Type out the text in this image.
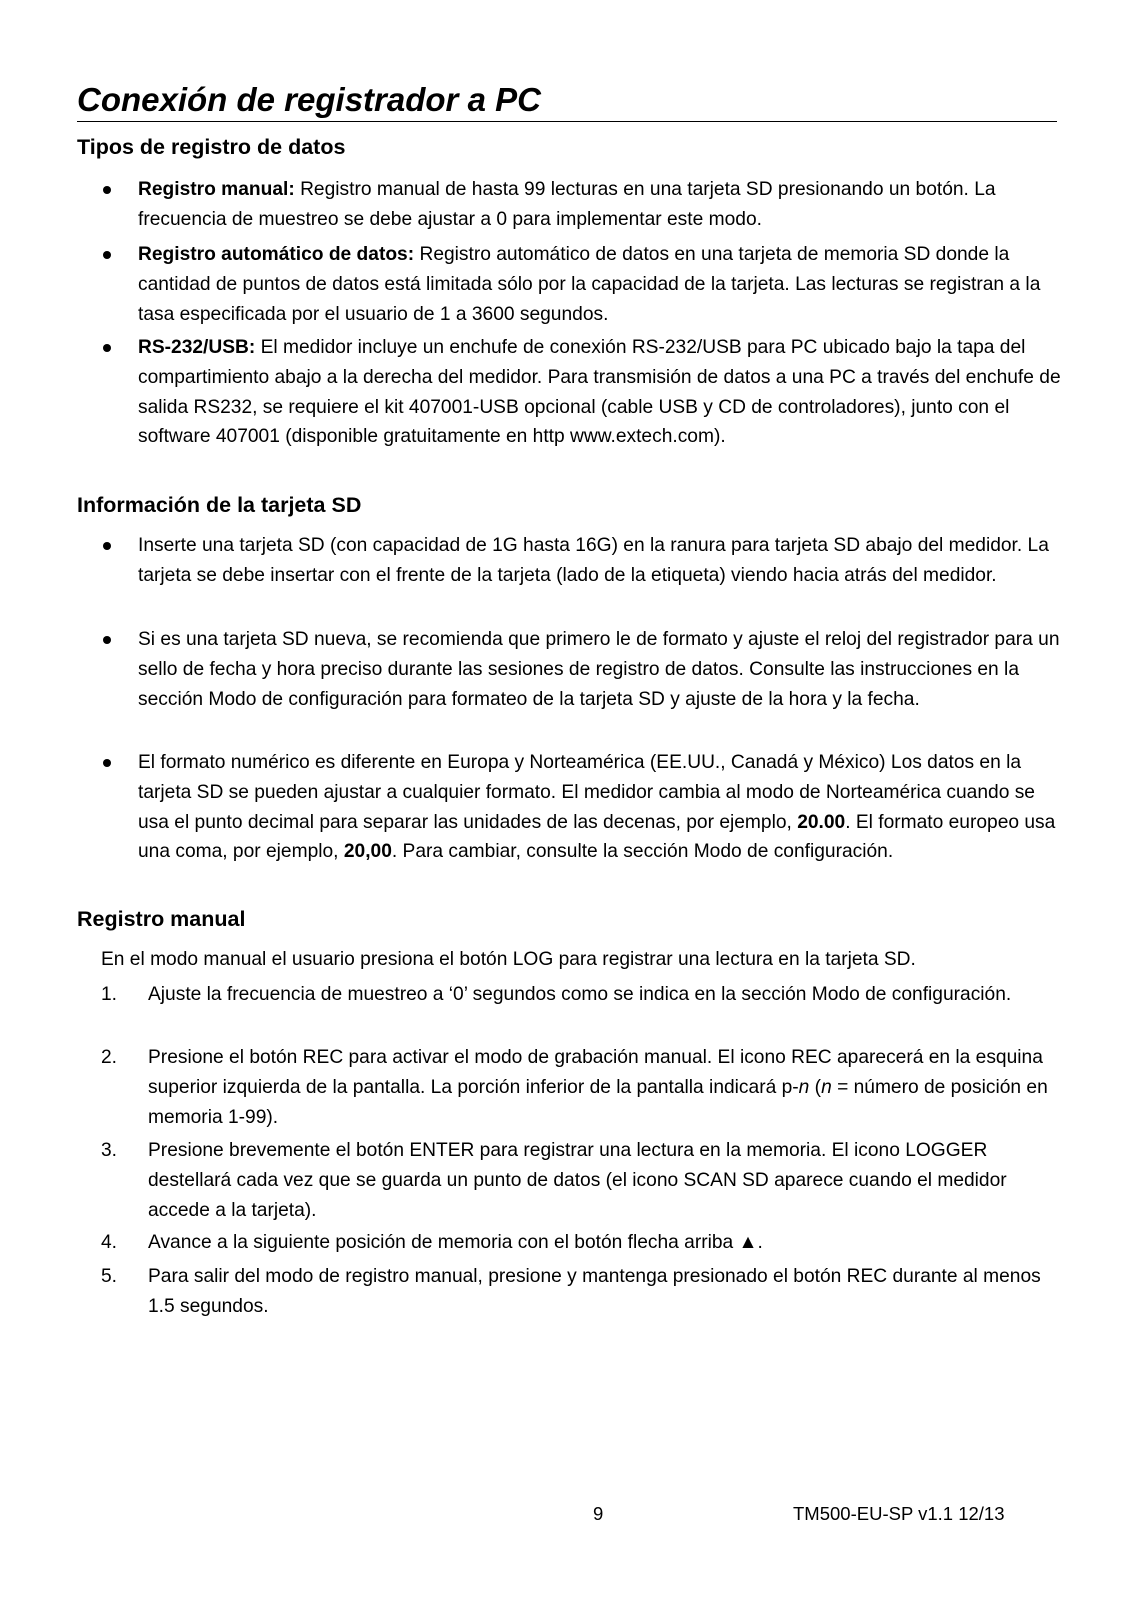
Conexión de registrador a PC
Tipos de registro de datos
Registro manual: Registro manual de hasta 99 lecturas en una tarjeta SD presionando un botón. La frecuencia de muestreo se debe ajustar a 0 para implementar este modo.
Registro automático de datos: Registro automático de datos en una tarjeta de memoria SD donde la cantidad de puntos de datos está limitada sólo por la capacidad de la tarjeta. Las lecturas se registran a la tasa especificada por el usuario de 1 a 3600 segundos.
RS-232/USB: El medidor incluye un enchufe de conexión RS-232/USB para PC ubicado bajo la tapa del compartimiento abajo a la derecha del medidor. Para transmisión de datos a una PC a través del enchufe de salida RS232, se requiere el kit 407001-USB opcional (cable USB y CD de controladores), junto con el software 407001 (disponible gratuitamente en http www.extech.com).
Información de la tarjeta SD
Inserte una tarjeta SD (con capacidad de 1G hasta 16G) en la ranura para tarjeta SD abajo del medidor. La tarjeta se debe insertar con el frente de la tarjeta (lado de la etiqueta) viendo hacia atrás del medidor.
Si es una tarjeta SD nueva, se recomienda que primero le de formato y ajuste el reloj del registrador para un sello de fecha y hora preciso durante las sesiones de registro de datos. Consulte las instrucciones en la sección Modo de configuración para formateo de la tarjeta SD y ajuste de la hora y la fecha.
El formato numérico es diferente en Europa y Norteamérica (EE.UU., Canadá y México) Los datos en la tarjeta SD se pueden ajustar a cualquier formato. El medidor cambia al modo de Norteamérica cuando se usa el punto decimal para separar las unidades de las decenas, por ejemplo, 20.00. El formato europeo usa una coma, por ejemplo, 20,00. Para cambiar, consulte la sección Modo de configuración.
Registro manual
En el modo manual el usuario presiona el botón LOG para registrar una lectura en la tarjeta SD.
1. Ajuste la frecuencia de muestreo a ‘0’ segundos como se indica en la sección Modo de configuración.
2. Presione el botón REC para activar el modo de grabación manual. El icono REC aparecerá en la esquina superior izquierda de la pantalla. La porción inferior de la pantalla indicará p-n (n = número de posición en memoria 1-99).
3. Presione brevemente el botón ENTER para registrar una lectura en la memoria. El icono LOGGER destellará cada vez que se guarda un punto de datos (el icono SCAN SD aparece cuando el medidor accede a la tarjeta).
4. Avance a la siguiente posición de memoria con el botón flecha arriba ▲.
5. Para salir del modo de registro manual, presione y mantenga presionado el botón REC durante al menos 1.5 segundos.
9	TM500-EU-SP v1.1 12/13
